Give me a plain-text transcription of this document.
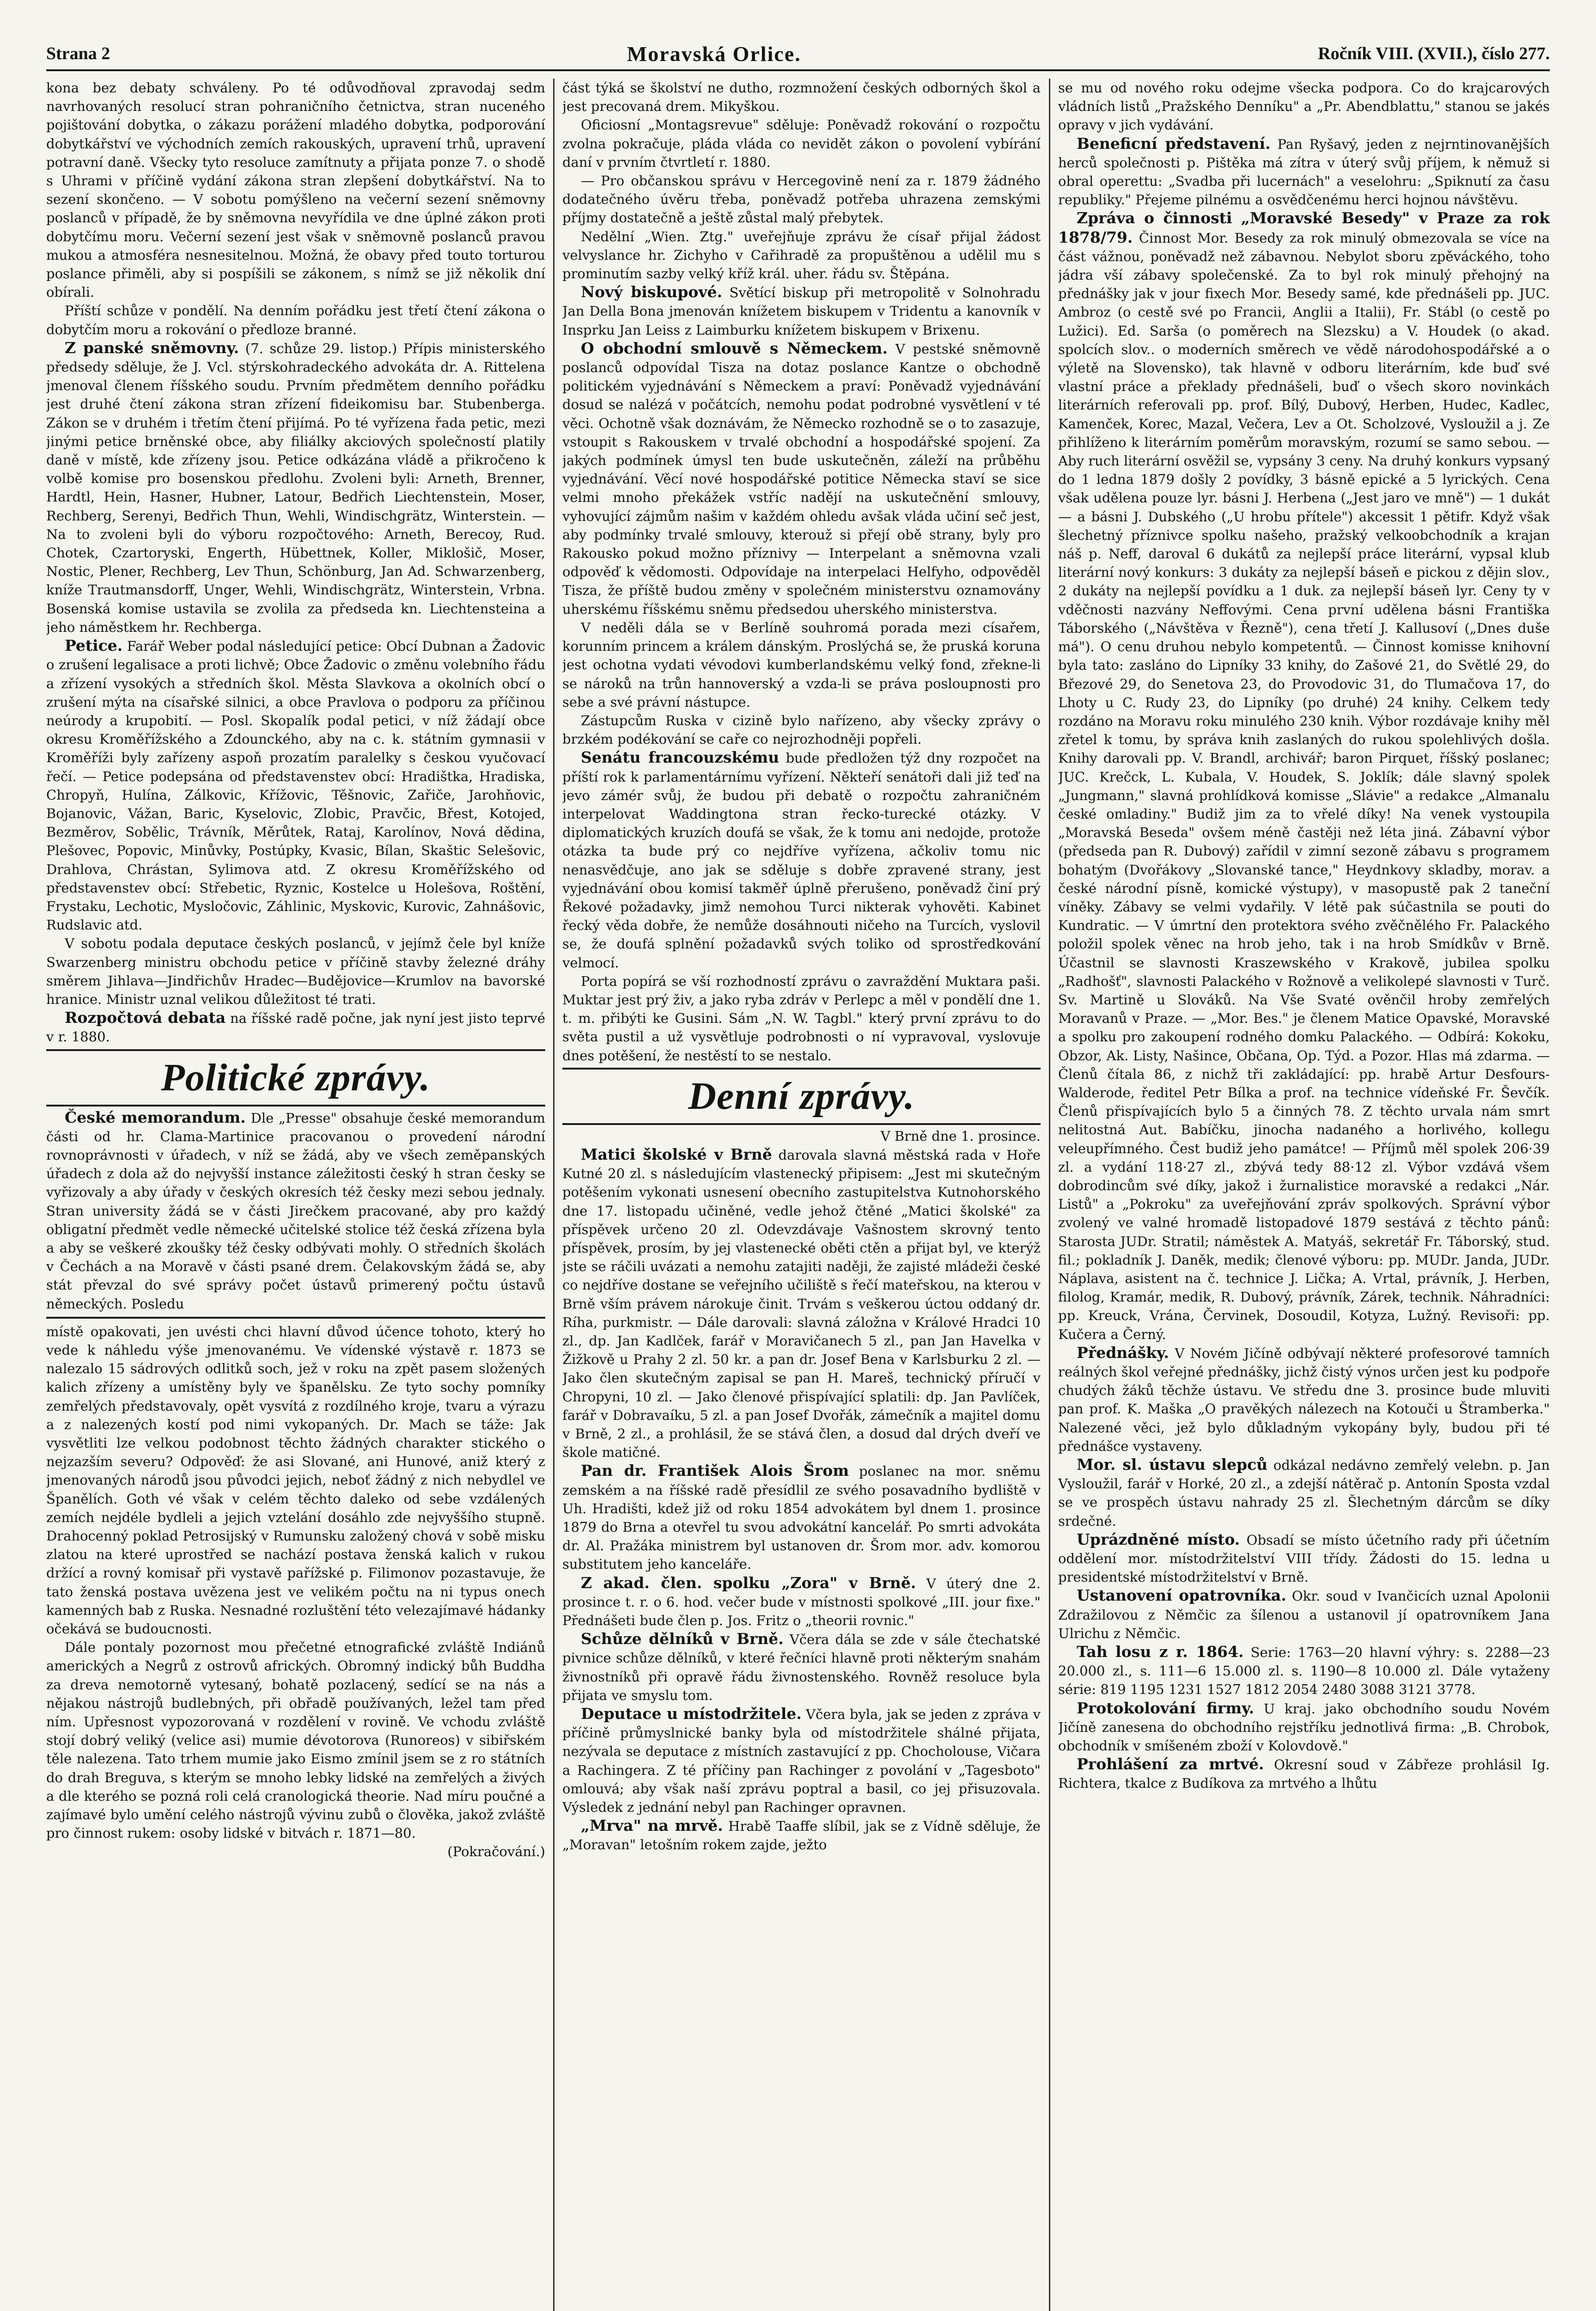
Strana 2	Moravská Orlice.	Ročník VIII. (XVII.), číslo 277.

kona bez debaty schváleny. Po té odůvodňoval zpravodaj sedm navrhovaných resolucí stran pohraničního četnictva, stran nuceného pojištování dobytka, o zákazu porážení mladého dobytka, podporování dobytkářství ve východních zemích rakouských, upravení trhů, upravení potravní daně. Všecky tyto resoluce zamítnuty a přijata ponze 7. o shodě s Uhrami v příčině vydání zákona stran zlepšení dobytkářství. Na to sezení skončeno. — V sobotu pomýšleno na večerní sezení sněmovny poslanců v případě, že by sněmovna nevyřídila ve dne úplné zákon proti dobytčímu moru. Večerní sezení jest však v sněmovně poslanců pravou mukou a atmosféra nesnesitelnou. Možná, že obavy před touto torturou poslance přiměli, aby si pospíšili se zákonem, s nímž se již několik dní obírali.

Příští schůze v pondělí. Na denním pořádku jest třetí čtení zákona o dobytčím moru a rokování o předloze branné.

Z panské sněmovny. (7. schůze 29. listop.) Přípis ministerského předsedy sděluje, že J. Vcl. stýrskohradeckého advokáta dr. A. Rittelena jmenoval členem říšského soudu. Prvním předmětem denního pořádku jest druhé čtení zákona stran zřízení fideikomisu bar. Stubenberga. Zákon se v druhém i třetím čtení přijímá. Po té vyřízena řada petic, mezi jinými petice brněnské obce, aby filiálky akciových společností platily daně v místě, kde zřízeny jsou. Petice odkázána vládě a přikročeno k volbě komise pro bosenskou předlohu. Zvoleni byli: Arneth, Brenner, Hardtl, Hein, Hasner, Hubner, Latour, Bedřich Liechtenstein, Moser, Rechberg, Serenyi, Bedřich Thun, Wehli, Windischgrätz, Winterstein. — Na to zvoleni byli do výboru rozpočtového: Arneth, Berecoy, Rud. Chotek, Czartoryski, Engerth, Hübettnek, Koller, Miklošič, Moser, Nostic, Plener, Rechberg, Lev Thun, Schönburg, Jan Ad. Schwarzenberg, kníže Trautmansdorff, Unger, Wehli, Windischgrätz, Winterstein, Vrbna. Bosenská komise ustavila se zvolila za předseda kn. Liechtensteina a jeho náměstkem hr. Rechberga.

Petice. Farář Weber podal následující petice: Obcí Dubnan a Žadovic o zrušení legalisace a proti lichvě; Obce Žadovic o změnu volebního řádu a zřízení vysokých a středních škol. Města Slavkova a okolních obcí o zrušení mýta na císařské silnici, a obce Pravlova o podporu za příčinou neúrody a krupobití. — Posl. Skopalík podal petici, v níž žádají obce okresu Kroměřížského a Zdounckého, aby na c. k. státním gymnasii v Kroměříži byly zařízeny aspoň prozatím paralelky s českou vyučovací řečí. — Petice podepsána od představenstev obcí: Hradištka, Hradiska, Chropyň, Hulína, Zálkovic, Křížovic, Těšnovic, Zařiče, Jarohňovic, Bojanovic, Vážan, Baric, Kyselovic, Zlobic, Pravčic, Břest, Kotojed, Bezměrov, Sobělic, Trávník, Měrůtek, Rataj, Karolínov, Nová dědina, Plešovec, Popovic, Minůvky, Postúpky, Kvasic, Bílan, Skaštic Selešovic, Drahlova, Chrástan, Sylimova atd. Z okresu Kroměřížského od představenstev obcí: Střebetic, Ryznic, Kostelce u Holešova, Roštění, Frystaku, Lechotic, Mysločovic, Záhlinic, Myskovic, Kurovic, Zahnášovic, Rudslavic atd.

V sobotu podala deputace českých poslanců, v jejímž čele byl kníže Swarzenberg ministru obchodu petice v příčině stavby železné dráhy směrem Jihlava—Jindřichův Hradec—Budějovice—Krumlov na bavorské hranice. Ministr uznal velikou důležitost té trati.

Rozpočtová debata na říšské radě počne, jak nyní jest jisto teprvé v r. 1880.

Politické zprávy.

České memorandum. Dle „Presse" obsahuje české memorandum části od hr. Clama-Martinice pracovanou o provedení národní rovnoprávnosti v úřadech, v níž se žádá, aby ve všech zeměpanských úřadech z dola až do nejvyšší instance záležitosti český h stran česky se vyřizovaly a aby úřady v českých okresích též česky mezi sebou jednaly. Stran university žádá se v části Jirečkem pracované, aby pro každý obligatní předmět vedle německé učitelské stolice též česká zřízena byla a aby se veškeré zkoušky též česky odbývati mohly. O středních školách v Čechách a na Moravě v části psané drem. Čelakovským žádá se, aby stát převzal do své správy počet ústavů primerený počtu ústavů německých. Posledu

místě opakovati, jen uvésti chci hlavní důvod účence tohoto, který ho vede k náhledu výše jmenovanému. Ve vídenské výstavě r. 1873 se nalezalo 15 sádrových odlitků soch, jež v roku na zpět pasem složených kalich zřízeny a umístěny byly ve španělsku. Ze tyto sochy pomníky zemřelých představovaly, opět vysvítá z rozdílného kroje, tvaru a výrazu a z nalezených kostí pod nimi vykopaných. Dr. Mach se táže: Jak vysvětliti lze velkou podobnost těchto žádných charakter stického o nejzazším severu? Odpověď: že asi Slované, ani Hunové, aniž který z jmenovaných národů jsou původci jejich, neboť žádný z nich nebydlel ve Španělích. Goth vé však v celém těchto daleko od sebe vzdálených zemích nejdéle bydleli a jejich vztelání dosáhlo zde nejvyššího stupně. Drahocenný poklad Petrosijský v Rumunsku založený chová v sobě misku zlatou na které uprostřed se nachází postava ženská kalich v rukou držící a rovný komisař při vystavě pařížské p. Filimonov pozastavuje, že tato ženská postava uvězena jest ve velikém počtu na ni typus onech kamenných bab z Ruska. Nesnadné rozluštění této velezajímavé hádanky očekává se budoucnosti.

Dále pontaly pozornost mou přečetné etnografické zvláště Indiánů amerických a Negrů z ostrovů afrických. Obromný indický bůh Buddha za dreva nemotorně vytesaný, bohatě pozlacený, sedící se na nás a nějakou nástrojů budlebných, při obřadě používaných, ležel tam před ním. Upřesnost vypozorovaná v rozdělení v rovině. Ve vchodu zvláště stojí dobrý veliký (velice asi) mumie dévotorova (Runoreos) v sibiřském těle nalezena. Tato trhem mumie jako Eismo zmínil jsem se z ro státních do drah Breguva, s kterým se mnoho lebky lidské na zemřelých a živých a dle kterého se pozná roli celá cranologická theorie. Nad míru poučné a zajímavé bylo umění celého nástrojů vývinu zubů o člověka, jakož zvláště pro činnost rukem: osoby lidské v bitvách r. 1871—80.

(Pokračování.)

část týká se školství ne dutho, rozmnožení českých odborných škol a jest precovaná drem. Mikyškou.

Oficiosní „Montagsrevue" sděluje: Poněvadž rokování o rozpočtu zvolna pokračuje, pláda vláda co nevidět zákon o povolení vybírání daní v prvním čtvrtletí r. 1880.

— Pro občanskou správu v Hercegovině není za r. 1879 žádného dodatečného úvěru třeba, poněvadž potřeba uhrazena zemskými příjmy dostatečně a ještě zůstal malý přebytek.

Nedělní „Wien. Ztg." uveřejňuje zprávu že císař přijal žádost velvyslance hr. Zichyho v Cařihradě za propuštěnou a udělil mu s prominutím sazby velký kříž král. uher. řádu sv. Štěpána.

Nový biskupové. Světící biskup při metropolitě v Solnohradu Jan Della Bona jmenován knížetem biskupem v Tridentu a kanovník v Insprku Jan Leiss z Laimburku knížetem biskupem v Brixenu.

O obchodní smlouvě s Německem. V pestské sněmovně poslanců odpovídal Tisza na dotaz poslance Kantze o obchodně politickém vyjednávání s Německem a praví: Poněvadž vyjednávání dosud se nalézá v počátcích, nemohu podat podrobné vysvětlení v té věci. Ochotně však doznávám, že Německo rozhodně se o to zasazuje, vstoupit s Rakouskem v trvalé obchodní a hospodářské spojení. Za jakých podmínek úmysl ten bude uskutečněn, záleží na průběhu vyjednávání. Věcí nové hospodářské potitice Německa staví se sice velmi mnoho překážek vstříc nadějí na uskutečnění smlouvy, vyhovující zájmům našim v každém ohledu avšak vláda učiní seč jest, aby podmínky trvalé smlouvy, kterouž si přejí obě strany, byly pro Rakousko pokud možno příznivy — Interpelant a sněmovna vzali odpověď k vědomosti. Odpovídaje na interpelaci Helfyho, odpověděl Tisza, že příště budou změny v společném ministerstvu oznamovány uherskému říšskému sněmu předsedou uherského ministerstva.

V neděli dála se v Berlíně souhromá porada mezi císařem, korunním princem a králem dánským. Proslýchá se, že pruská koruna jest ochotna vydati vévodovi kumberlandskému velký fond, zřekne-li se nároků na trůn hannoverský a vzda-li se práva posloupnosti pro sebe a své právní nástupce.

Zástupcům Ruska v cizině bylo nařízeno, aby všecky zprávy o brzkém podékování se caře co nejrozhodněji popřeli.

Senátu francouzskému bude předložen týž dny rozpočet na příští rok k parlamentárnímu vyřízení. Někteří senátoři dali již teď na jevo zámér svůj, že budou při debatě o rozpočtu zahraničném interpelovat Waddingtona stran řecko-turecké otázky. V diplomatických kruzích doufá se však, že k tomu ani nedojde, protože otázka ta bude prý co nejdříve vyřízena, ačkoliv tomu nic nenasvědčuje, ano jak se sděluje s dobře zpravené strany, jest vyjednávání obou komisí takměř úplně přerušeno, poněvadž činí prý Řekové požadavky, jimž nemohou Turci nikterak vyhověti. Kabinet řecký věda dobře, že nemůže dosáhnouti ničeho na Turcích, vyslovil se, že doufá splnění požadavků svých toliko od sprostředkování velmocí.

Porta popírá se vší rozhodností zprávu o zavraždění Muktara paši. Muktar jest prý živ, a jako ryba zdráv v Perlepc a měl v pondělí dne 1. t. m. přibýti ke Gusini. Sám „N. W. Tagbl." který první zprávu to do světa pustil a už vysvětluje podrobnosti o ní vypravoval, vyslovuje dnes potěšení, že nestěstí to se nestalo.

Denní zprávy.

V Brně dne 1. prosince.

Matici školské v Brně darovala slavná městská rada v Hoře Kutné 20 zl. s následujícím vlastenecký připisem: „Jest mi skutečným potěšením vykonati usnesení obecního zastupitelstva Kutnohorského dne 17. listopadu učiněné, vedle jehož čtěné „Matici školské" za příspěvek určeno 20 zl. Odevzdávaje Vašnostem skrovný tento příspěvek, prosím, by jej vlastenecké oběti ctěn a přijat byl, ve kterýž jste se ráčili uvázati a nemohu zatajiti naději, že zajisté mládeži české co nejdříve dostane se veřejního učiliště s řečí mateřskou, na kterou v Brně vším právem nárokuje činit. Trvám s veškerou úctou oddaný dr. Ríha, purkmistr. — Dále darovali: slavná záložna v Králové Hradci 10 zl., dp. Jan Kadlček, farář v Moravičanech 5 zl., pan Jan Havelka v Žižkově u Prahy 2 zl. 50 kr. a pan dr. Josef Bena v Karlsburku 2 zl. — Jako člen skutečným zapisal se pan H. Mareš, technický příručí v Chropyni, 10 zl. — Jako členové přispívající splatili: dp. Jan Pavlíček, farář v Dobravaíku, 5 zl. a pan Josef Dvořák, zámečník a majitel domu v Brně, 2 zl., a prohlásil, že se stává člen, a dosud dal drých dveří ve škole matičné.

Pan dr. František Alois Šrom poslanec na mor. sněmu zemském a na říšské radě přesídlil ze svého posavadního bydliště v Uh. Hradišti, kdež již od roku 1854 advokátem byl dnem 1. prosince 1879 do Brna a otevřel tu svou advokátní kancelář. Po smrti advokáta dr. Al. Pražáka ministrem byl ustanoven dr. Šrom mor. adv. komorou substitutem jeho kanceláře.

Z akad. člen. spolku „Zora" v Brně. V úterý dne 2. prosince t. r. o 6. hod. večer bude v místnosti spolkové „III. jour fixe." Přednášeti bude člen p. Jos. Fritz o „theorii rovnic."

Schůze dělníků v Brně. Včera dála se zde v sále čtechatské pivnice schůze dělníků, v které řečníci hlavně proti některým snahám živnostníků při opravě řádu živnostenského. Rovněž resoluce byla přijata ve smyslu tom.

Deputace u místodržitele. Včera byla, jak se jeden z zpráva v příčině průmyslnické banky byla od místodržitele shálné přijata, nezývala se deputace z místních zastavující z pp. Chocholouse, Vičara a Rachingera. Z té příčiny pan Rachinger z povolání v „Tagesboto" omlouvá; aby však naší zprávu poptral a basil, co jej přisuzovala. Výsledek z jednání nebyl pan Rachinger opravnen.

„Mrva" na mrvě. Hrabě Taaffe slíbil, jak se z Vídně sděluje, že „Moravan" letošním rokem zajde, ježto

se mu od nového roku odejme všecka podpora. Co do krajcarových vládních listů „Pražského Denníku" a „Pr. Abendblattu," stanou se jakés opravy v jich vydávání.

Beneficní představení. Pan Ryšavý, jeden z nejrntinovanějších herců společnosti p. Pištěka má zítra v úterý svůj příjem, k němuž si obral operettu: „Svadba při lucernách" a veselohru: „Spiknutí za času republiky." Přejeme pilnému a osvědčenému herci hojnou návštěvu.

Zpráva o činnosti „Moravské Besedy" v Praze za rok 1878/79. Činnost Mor. Besedy za rok minulý obmezovala se více na část vážnou, poněvadž než zábavnou. Nebylot sboru zpěváckého, toho jádra vší zábavy společenské. Za to byl rok minulý přehojný na přednášky jak v jour fixech Mor. Besedy samé, kde přednášeli pp. JUC. Ambroz (o cestě své po Francii, Anglii a Italii), Fr. Stábl (o cestě po Lužici). Ed. Sarša (o poměrech na Slezsku) a V. Houdek (o akad. spolcích slov.. o moderních směrech ve vědě národohospodářské a o výletě na Slovensko), tak hlavně v odboru literárním, kde buď své vlastní práce a překlady přednášeli, buď o všech skoro novinkách literárních referovali pp. prof. Bílý, Dubový, Herben, Hudec, Kadlec, Kamenček, Korec, Mazal, Večera, Lev a Ot. Scholzové, Vysloužil a j. Ze přihlíženo k literárním poměrům moravským, rozumí se samo sebou. — Aby ruch literární osvěžil se, vypsány 3 ceny. Na druhý konkurs vypsaný do 1 ledna 1879 došly 2 povídky, 3 básně epické a 5 lyrických. Cena však udělena pouze lyr. básni J. Herbena („Jest jaro ve mně") — 1 dukát — a básni J. Dubského („U hrobu přítele") akcessit 1 pětifr. Když však šlechetný příznivce spolku našeho, pražský velkoobchodník a krajan náš p. Neff, daroval 6 dukátů za nejlepší práce literární, vypsal klub literární nový konkurs: 3 dukáty za nejlepší báseň e pickou z dějin slov., 2 dukáty na nejlepší povídku a 1 duk. za nejlepší báseň lyr. Ceny ty v vděčnosti nazvány Neffovými. Cena první udělena básni Františka Táborského („Návštěva v Řezně"), cena třetí J. Kallusoví („Dnes duše má"). O cenu druhou nebylo kompetentů. — Činnost komisse knihovní byla tato: zasláno do Lipníky 33 knihy, do Zašové 21, do Světlé 29, do Březové 29, do Senetova 23, do Provodovic 31, do Tlumačova 17, do Lhoty u C. Rudy 23, do Lipníky (po druhé) 24 knihy. Celkem tedy rozdáno na Moravu roku minulého 230 knih. Výbor rozdávaje knihy měl zřetel k tomu, by správa knih zaslaných do rukou spolehlivých došla. Knihy darovali pp. V. Brandl, archivář; baron Pirquet, říšský poslanec; JUC. Krečck, L. Kubala, V. Houdek, S. Joklík; dále slavný spolek „Jungmann," slavná prohlídková komisse „Slávie" a redakce „Almanalu české omladiny." Budiž jim za to vřelé díky! Na venek vystoupila „Moravská Beseda" ovšem méně častěji než léta jiná. Zábavní výbor (předseda pan R. Dubový) zařídil v zimní sezoně zábavu s programem bohatým (Dvořákovy „Slovanské tance," Heydnkovy skladby, morav. a české národní písně, komické výstupy), v masopustě pak 2 taneční víněky. Zábavy se velmi vydařily. V létě pak súčastnila se pouti do Kundratic. — V úmrtní den protektora svého zvěčnělého Fr. Palackého položil spolek věnec na hrob jeho, tak i na hrob Smídkův v Brně. Účastnil se slavnosti Kraszewského v Krakově, jubilea spolku „Radhošť", slavnosti Palackého v Rožnově a velikolepé slavnosti v Turč. Sv. Martině u Slováků. Na Vše Svaté ověnčil hroby zemřelých Moravanů v Praze. — „Mor. Bes." je členem Matice Opavské, Moravské a spolku pro zakoupení rodného domku Palackého. — Odbírá: Kokoku, Obzor, Ak. Listy, Našince, Občana, Op. Týd. a Pozor. Hlas má zdarma. — Členů čítala 86, z nichž tři zakládající: pp. hrabě Artur Desfours-Walderode, ředitel Petr Bílka a prof. na technice vídeňské Fr. Ševčík. Členů přispívajících bylo 5 a činných 78. Z těchto urvala nám smrt nelitostná Aut. Babíčku, jinocha nadaného a horlivého, kollegu veleupřímného. Čest budiž jeho památce! — Příjmů měl spolek 206·39 zl. a vydání 118·27 zl., zbývá tedy 88·12 zl. Výbor vzdává všem dobrodincům své díky, jakož i žurnalistice moravské a redakci „Nár. Listů" a „Pokroku" za uveřejňování zpráv spolkových. Správní výbor zvolený ve valné hromadě listopadové 1879 sestává z těchto pánů: Starosta JUDr. Stratil; náměstek A. Matyáš, sekretář Fr. Táborský, stud. fil.; pokladník J. Daněk, medik; členové výboru: pp. MUDr. Janda, JUDr. Náplava, asistent na č. technice J. Lička; A. Vrtal, právník, J. Herben, filolog, Kramár, medik, R. Dubový, právník, Zárek, technik. Náhradníci: pp. Kreuck, Vrána, Červinek, Dosoudil, Kotyza, Lužný. Revisoři: pp. Kučera a Černý.

Přednášky. V Novém Jičíně odbývají některé profesorové tamních reálných škol veřejné přednášky, jichž čistý výnos určen jest ku podpoře chudých žáků těchže ústavu. Ve středu dne 3. prosince bude mluviti pan prof. K. Maška „O pravěkých nálezech na Kotouči u Štramberka." Nalezené věci, jež bylo důkladným vykopány byly, budou při té přednášce vystaveny.

Mor. sl. ústavu slepců odkázal nedávno zemřelý velebn. p. Jan Vysloužil, farář v Horké, 20 zl., a zdejší nátěrač p. Antonín Sposta vzdal se ve prospěch ústavu nahrady 25 zl. Šlechetným dárcům se díky srdečné.

Uprázdněné místo. Obsadí se místo účetního rady při účetním oddělení mor. místodržitelství VIII třídy. Žádosti do 15. ledna u presidentské místodržitelství v Brně.

Ustanovení opatrovníka. Okr. soud v Ivančicích uznal Apolonii Zdražilovou z Němčic za šílenou a ustanovil jí opatrovníkem Jana Ulrichu z Němčic.

Tah losu z r. 1864. Serie: 1763—20 hlavní výhry: s. 2288—23 20.000 zl., s. 111—6 15.000 zl. s. 1190—8 10.000 zl. Dále vytaženy série: 819 1195 1231 1527 1812 2054 2480 3088 3121 3778.

Protokolování firmy. U kraj. jako obchodního soudu Novém Jičíně zanesena do obchodního rejstříku jednotlivá firma: „B. Chrobok, obchodník v smíšeném zboží v Kolovdově."

Prohlášení za mrtvé. Okresní soud v Zábřeze prohlásil Ig. Richtera, tkalce z Budíkova za mrtvého a lhůtu
